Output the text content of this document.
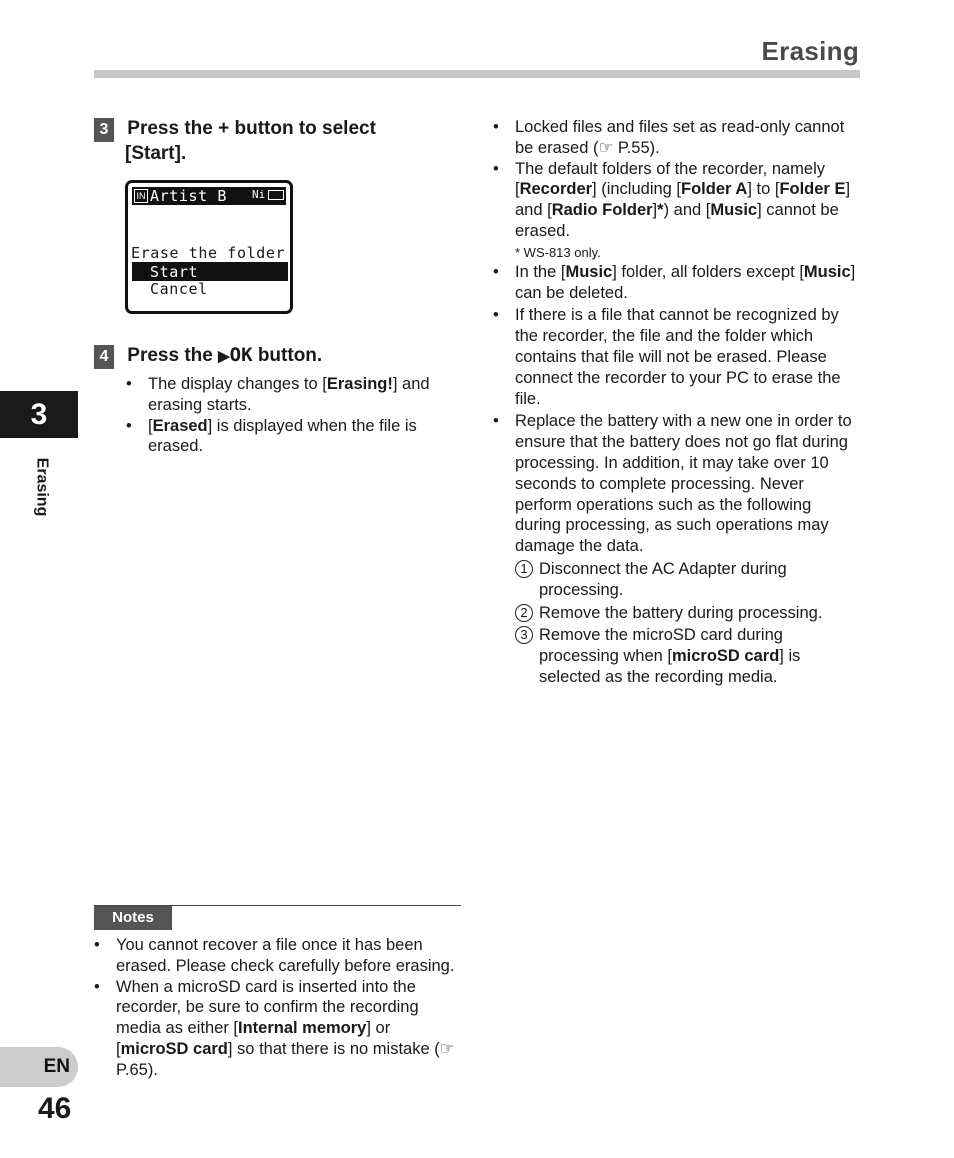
Erasing
3 Press the + button to select
[Start].
IN Artist B Ni
Erase the folder
Start
Cancel
4 Press the ▶OK button.
• The display changes to [Erasing!] and erasing starts.
• [Erased] is displayed when the file is erased.
Notes
• You cannot recover a file once it has been erased. Please check carefully before erasing.
• When a microSD card is inserted into the recorder, be sure to confirm the recording media as either [Internal memory] or [microSD card] so that there is no mistake (☞ P.65).
• Locked files and files set as read-only cannot be erased (☞ P.55).
• The default folders of the recorder, namely [Recorder] (including [Folder A] to [Folder E] and [Radio Folder]*) and [Music] cannot be erased.
* WS-813 only.
• In the [Music] folder, all folders except [Music] can be deleted.
• If there is a file that cannot be recognized by the recorder, the file and the folder which contains that file will not be erased. Please connect the recorder to your PC to erase the file.
• Replace the battery with a new one in order to ensure that the battery does not go flat during processing. In addition, it may take over 10 seconds to complete processing. Never perform operations such as the following during processing, as such operations may damage the data.
1 Disconnect the AC Adapter during processing.
2 Remove the battery during processing.
3 Remove the microSD card during processing when [microSD card] is selected as the recording media.
3
Erasing
EN
46
